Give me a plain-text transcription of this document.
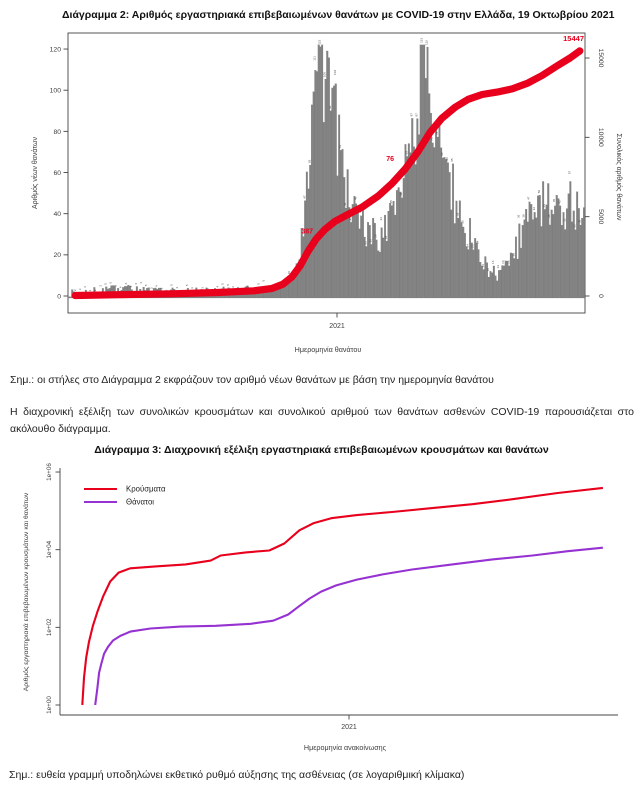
Διάγραμμα 2: Αριθμός εργαστηριακά επιβεβαιωμένων θανάτων με COVID-19 στην Ελλάδα, 19 Οκτωβρίου 2021
0
20
40
60
80
100
120
0
5000
10000
15000
2021
Αριθμός νέων θανάτων	Συνολικός αριθμός θανάτων
Ημερομηνία θανάτου
2 3
4
2 2
2
5
6
3
4
6
4
6
3
5
3
4
3
2
5
4
5
3
2
3
3
2
4
5
5
4 4
3
2
3
5
5
4
5
5
7
10 11
16
47
65
111
122
106
91
104
72
44
37
46
40
25
26
28
34
28
45
52
49
69
87 87
123 122
75
78
68
66 65
39
35
24 23
24
14
10
16
13
16 16
19
36 38
47
42
50
43
35
45 45
33
57
33
35
387
76
15447
Σημ.: οι στήλες στο Διάγραμμα 2 εκφράζουν τον αριθμό νέων θανάτων με βάση την ημερομηνία θανάτου
Η διαχρονική εξέλιξη των συνολικών κρουσμάτων και συνολικού αριθμού των θανάτων ασθενών COVID-19 παρουσιάζεται στο ακόλουθο διάγραμμα.
Διάγραμμα 3: Διαχρονική εξέλιξη εργαστηριακά επιβεβαιωμένων κρουσμάτων και θανάτων
1e+00
1e+02
1e+04
1e+06
2021
Ημερομηνία ανακοίνωσης
Αριθμός εργαστηριακά επιβεβαιωμένων κρουσμάτων και θανάτων
Κρούσματα
Θάνατοι
Σημ.: ευθεία γραμμή υποδηλώνει εκθετικό ρυθμό αύξησης της ασθένειας (σε λογαριθμική κλίμακα)
